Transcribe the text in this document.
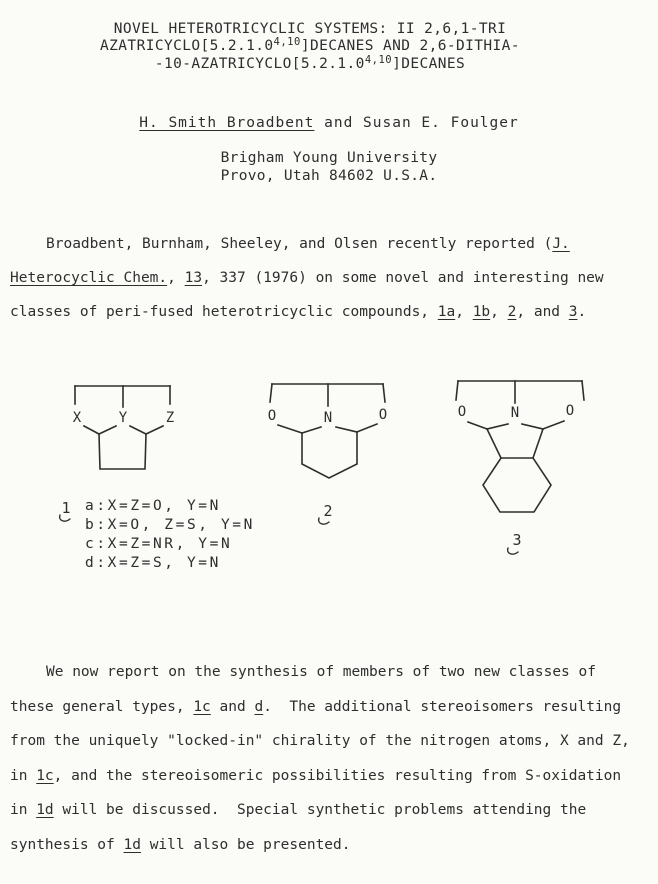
NOVEL HETEROTRICYCLIC SYSTEMS: II 2,6,1-TRI
AZATRICYCLO[5.2.1.0$^{4,10}$]DECANES AND 2,6-DITHIA-
-10-AZATRICYCLO[5.2.1.0$^{4,10}$]DECANES
H. Smith Broadbent and Susan E. Foulger
Brigham Young University
Provo, Utah 84602 U.S.A.
Broadbent, Burnham, Sheeley, and Olsen recently reported (J.
Heterocyclic Chem., 13, 337 (1976) on some novel and interesting new
classes of peri-fused heterotricyclic compounds, 1a, 1b, 2, and 3.
X	Y	Z
1 a:X=Z=O, Y=N
b:X=O, Z=S, Y=N
c:X=Z=NR, Y=N
d:X=Z=S, Y=N
O	N	O
2
O	N	O
3
We now report on the synthesis of members of two new classes of
these general types, 1c and d.  The additional stereoisomers resulting
from the uniquely "locked-in" chirality of the nitrogen atoms, X and Z,
in 1c, and the stereoisomeric possibilities resulting from S-oxidation
in 1d will be discussed.  Special synthetic problems attending the
synthesis of 1d will also be presented.
